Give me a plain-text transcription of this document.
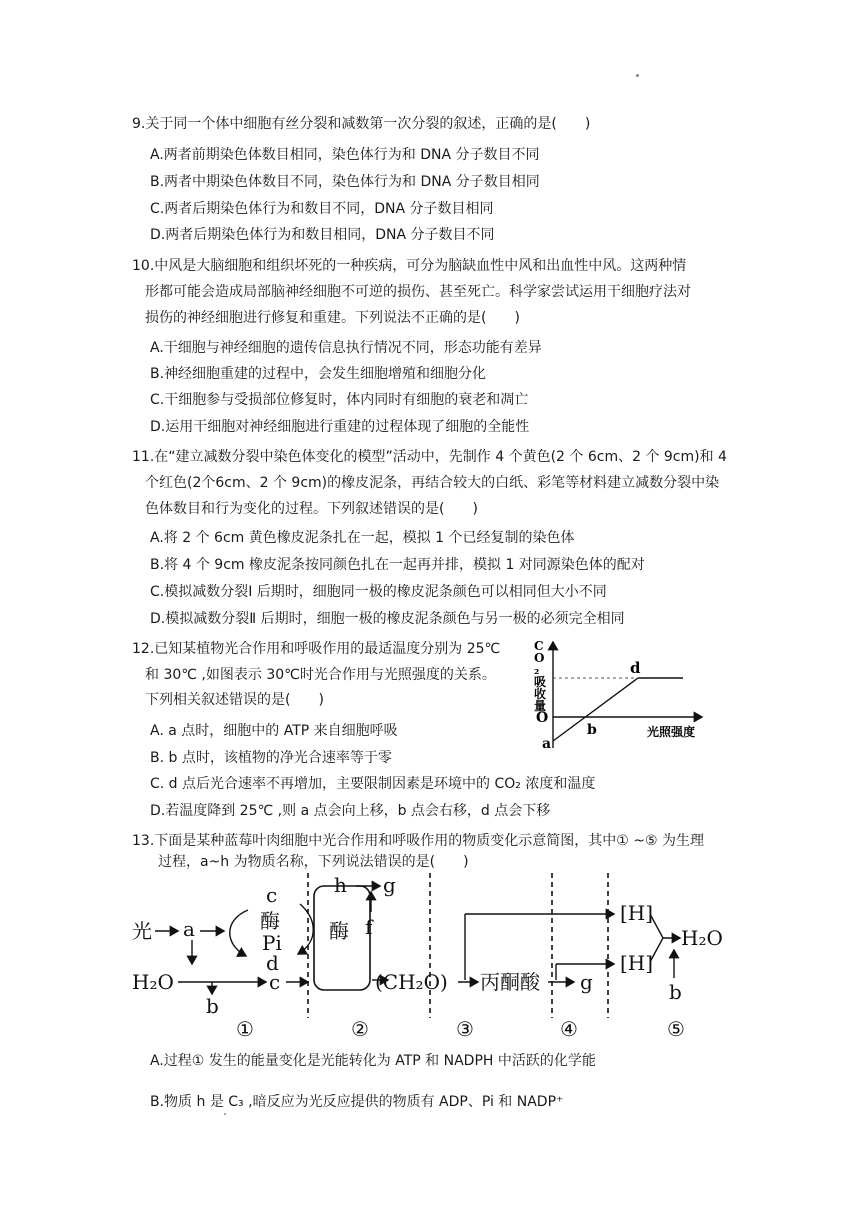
9.关于同一个体中细胞有丝分裂和减数第一次分裂的叙述，正确的是(　　)
A.两者前期染色体数目相同，染色体行为和 DNA 分子数目不同
B.两者中期染色体数目不同，染色体行为和 DNA 分子数目相同
C.两者后期染色体行为和数目不同，DNA 分子数目相同
D.两者后期染色体行为和数目相同，DNA 分子数目不同
10.中风是大脑细胞和组织坏死的一种疾病，可分为脑缺血性中风和出血性中风。这两种情
形都可能会造成局部脑神经细胞不可逆的损伤、甚至死亡。科学家尝试运用干细胞疗法对
损伤的神经细胞进行修复和重建。下列说法不正确的是(　　)
A.干细胞与神经细胞的遗传信息执行情况不同，形态功能有差异
B.神经细胞重建的过程中，会发生细胞增殖和细胞分化
C.干细胞参与受损部位修复时，体内同时有细胞的衰老和凋亡
D.运用干细胞对神经细胞进行重建的过程体现了细胞的全能性
11.在“建立减数分裂中染色体变化的模型”活动中，先制作 4 个黄色(2 个 6cm、2 个 9cm)和 4
个红色(2个6cm、2 个 9cm)的橡皮泥条，再结合较大的白纸、彩笔等材料建立减数分裂中染
色体数目和行为变化的过程。下列叙述错误的是(　　)
A.将 2 个 6cm 黄色橡皮泥条扎在一起，模拟 1 个已经复制的染色体
B.将 4 个 9cm 橡皮泥条按同颜色扎在一起再并排，模拟 1 对同源染色体的配对
C.模拟减数分裂Ⅰ 后期时，细胞同一极的橡皮泥条颜色可以相同但大小不同
D.模拟减数分裂Ⅱ 后期时，细胞一极的橡皮泥条颜色与另一极的必须完全相同
12.已知某植物光合作用和呼吸作用的最适温度分别为 25℃
和 30℃ ,如图表示 30℃时光合作用与光照强度的关系。
下列相关叙述错误的是(　　)
A. a 点时，细胞中的 ATP 来自细胞呼吸
B. b 点时，该植物的净光合速率等于零
C. d 点后光合速率不再增加，主要限制因素是环境中的 CO₂ 浓度和温度
D.若温度降到 25℃ ,则 a 点会向上移，b 点会右移，d 点会下移
C O ₂ 吸收量
O
a
b
d
光照强度
13.下面是某种蓝莓叶肉细胞中光合作用和呼吸作用的物质变化示意简图，其中① ~⑤ 为生理
过程，a~h 为物质名称，下列说法错误的是(　　)
光 a
H₂O
b
c
c
酶
Pi
d
酶
h g
f
(CH₂O) 丙酮酸 g
[H]
[H]
H₂O
b
①	②	③	④	⑤
A.过程① 发生的能量变化是光能转化为 ATP 和 NADPH 中活跃的化学能
B.物质 h 是 C₃ ,暗反应为光反应提供的物质有 ADP、Pi 和 NADP⁺
